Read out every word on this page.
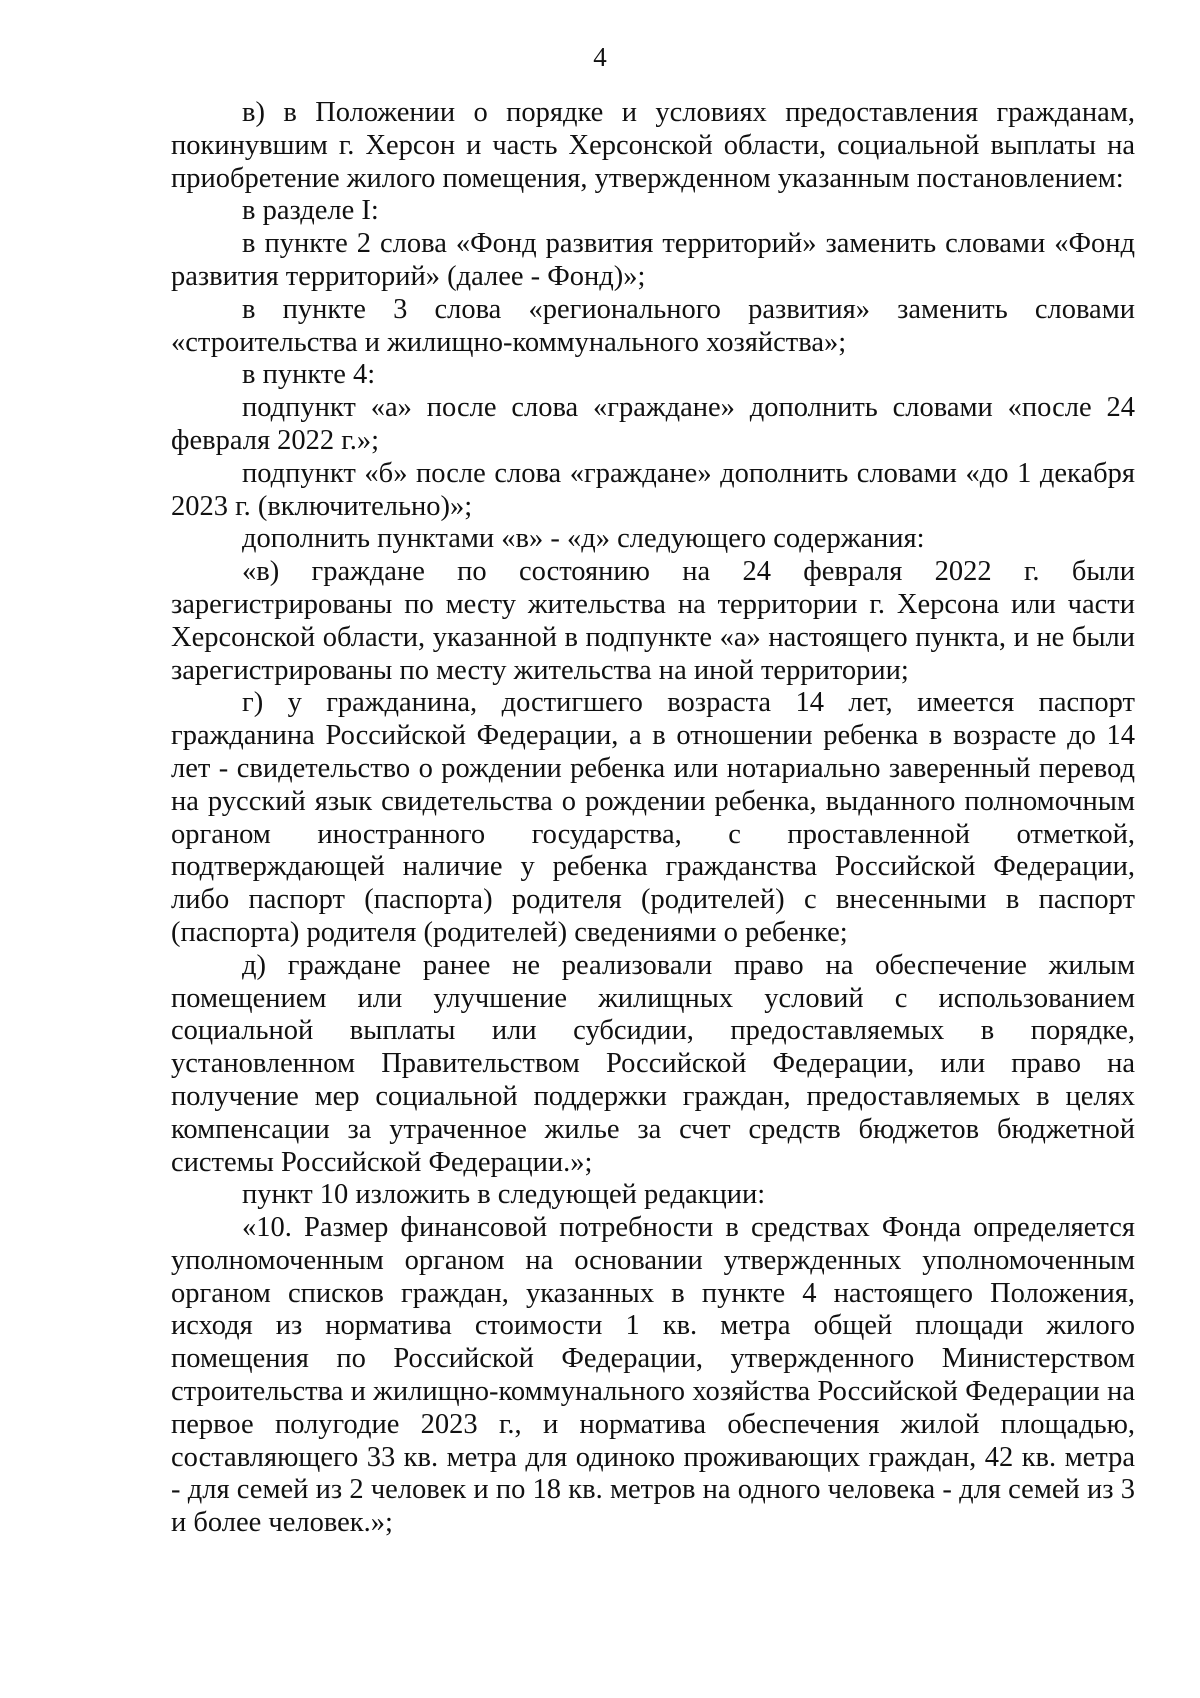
4

в) в Положении о порядке и условиях предоставления гражданам, покинувшим г. Херсон и часть Херсонской области, социальной выплаты на приобретение жилого помещения, утвержденном указанным постановлением:

в разделе I:

в пункте 2 слова «Фонд развития территорий» заменить словами «Фонд развития территорий» (далее - Фонд)»;

в пункте 3 слова «регионального развития» заменить словами «строительства и жилищно-коммунального хозяйства»;

в пункте 4:

подпункт «а» после слова «граждане» дополнить словами «после 24 февраля 2022 г.»;

подпункт «б» после слова «граждане» дополнить словами «до 1 декабря 2023 г. (включительно)»;

дополнить пунктами «в» - «д» следующего содержания:

«в) граждане по состоянию на 24 февраля 2022 г. были зарегистрированы по месту жительства на территории г. Херсона или части Херсонской области, указанной в подпункте «а» настоящего пункта, и не были зарегистрированы по месту жительства на иной территории;

г) у гражданина, достигшего возраста 14 лет, имеется паспорт гражданина Российской Федерации, а в отношении ребенка в возрасте до 14 лет - свидетельство о рождении ребенка или нотариально заверенный перевод на русский язык свидетельства о рождении ребенка, выданного полномочным органом иностранного государства, с проставленной отметкой, подтверждающей наличие у ребенка гражданства Российской Федерации, либо паспорт (паспорта) родителя (родителей) с внесенными в паспорт (паспорта) родителя (родителей) сведениями о ребенке;

д) граждане ранее не реализовали право на обеспечение жилым помещением или улучшение жилищных условий с использованием социальной выплаты или субсидии, предоставляемых в порядке, установленном Правительством Российской Федерации, или право на получение мер социальной поддержки граждан, предоставляемых в целях компенсации за утраченное жилье за счет средств бюджетов бюджетной системы Российской Федерации.»;

пункт 10 изложить в следующей редакции:

«10. Размер финансовой потребности в средствах Фонда определяется уполномоченным органом на основании утвержденных уполномоченным органом списков граждан, указанных в пункте 4 настоящего Положения, исходя из норматива стоимости 1 кв. метра общей площади жилого помещения по Российской Федерации, утвержденного Министерством строительства и жилищно-коммунального хозяйства Российской Федерации на первое полугодие 2023 г., и норматива обеспечения жилой площадью, составляющего 33 кв. метра для одиноко проживающих граждан, 42 кв. метра - для семей из 2 человек и по 18 кв. метров на одного человека - для семей из 3 и более человек.»;
